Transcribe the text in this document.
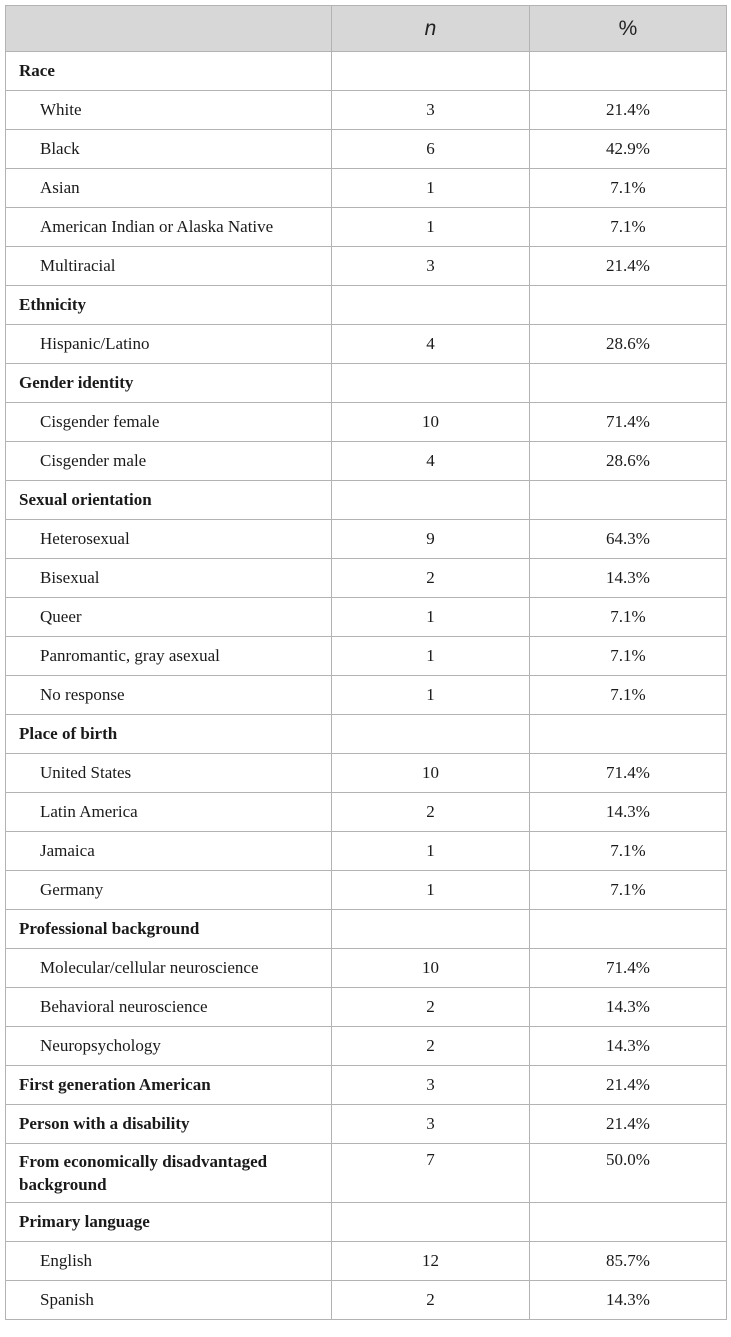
	n	%
Race		
White	3	21.4%
Black	6	42.9%
Asian	1	7.1%
American Indian or Alaska Native	1	7.1%
Multiracial	3	21.4%
Ethnicity		
Hispanic/Latino	4	28.6%
Gender identity		
Cisgender female	10	71.4%
Cisgender male	4	28.6%
Sexual orientation		
Heterosexual	9	64.3%
Bisexual	2	14.3%
Queer	1	7.1%
Panromantic, gray asexual	1	7.1%
No response	1	7.1%
Place of birth		
United States	10	71.4%
Latin America	2	14.3%
Jamaica	1	7.1%
Germany	1	7.1%
Professional background		
Molecular/cellular neuroscience	10	71.4%
Behavioral neuroscience	2	14.3%
Neuropsychology	2	14.3%
First generation American	3	21.4%
Person with a disability	3	21.4%
From economically disadvantaged background	7	50.0%
Primary language		
English	12	85.7%
Spanish	2	14.3%
